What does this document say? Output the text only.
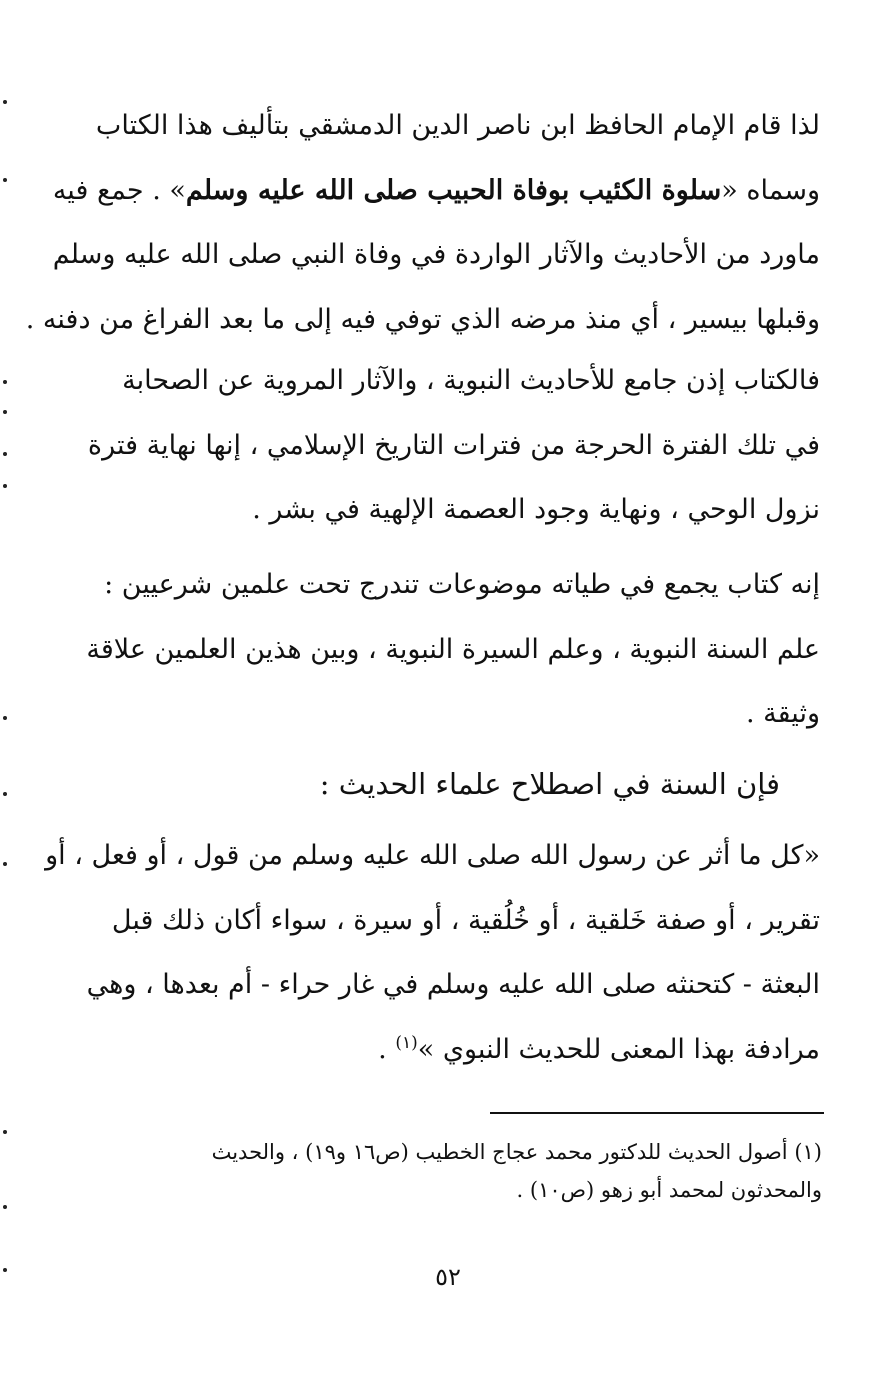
لذا قام الإمام الحافظ ابن ناصر الدين الدمشقي بتأليف هذا الكتاب
وسماه «سلوة الكئيب بوفاة الحبيب صلى الله عليه وسلم» . جمع فيه
ماورد من الأحاديث والآثار الواردة في وفاة النبي صلى الله عليه وسلم
وقبلها بيسير ، أي منذ مرضه الذي توفي فيه إلى ما بعد الفراغ من دفنه .
فالكتاب إذن جامع للأحاديث النبوية ، والآثار المروية عن الصحابة
في تلك الفترة الحرجة من فترات التاريخ الإسلامي ، إنها نهاية فترة
نزول الوحي ، ونهاية وجود العصمة الإلهية في بشر .
إنه كتاب يجمع في طياته موضوعات تندرج تحت علمين شرعيين :
علم السنة النبوية ، وعلم السيرة النبوية ، وبين هذين العلمين علاقة
وثيقة .
فإن السنة في اصطلاح علماء الحديث :
«كل ما أثر عن رسول الله صلى الله عليه وسلم من قول ، أو فعل ، أو
تقرير ، أو صفة خَلقية ، أو خُلُقية ، أو سيرة ، سواء أكان ذلك قبل
البعثة - كتحنثه صلى الله عليه وسلم في غار حراء - أم بعدها ، وهي
مرادفة بهذا المعنى للحديث النبوي »$^{(١)}$ .
(١) أصول الحديث للدكتور محمد عجاج الخطيب (ص١٦ و١٩) ، والحديث
والمحدثون لمحمد أبو زهو (ص١٠) .
٥٢
